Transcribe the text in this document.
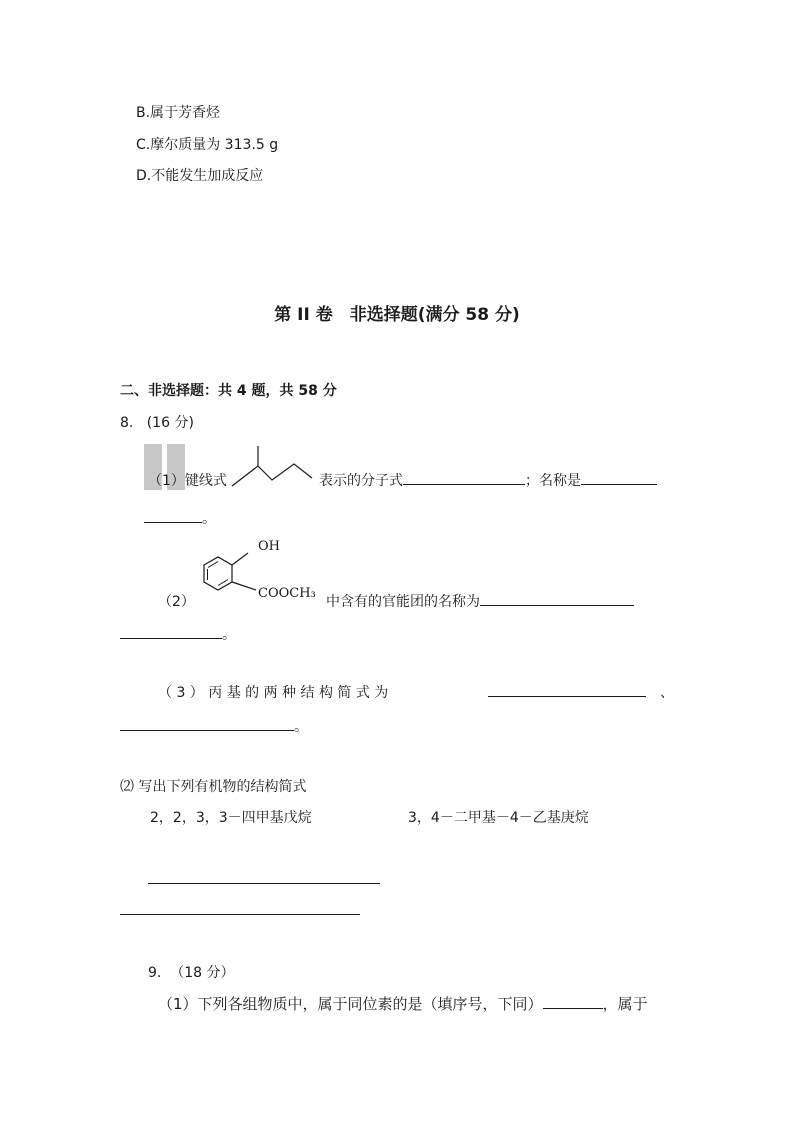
B.属于芳香烃
C.摩尔质量为 313.5 g
D.不能发生加成反应
第 II 卷　非选择题(满分 58 分)
二、非选择题：共 4 题，共 58 分
8. (16 分)
（1）键线式	表示的分子式	；名称是
。
（2）
OH
COOCH₃
中含有的官能团的名称为
。
（ 3 ） 丙 基 的 两 种 结 构 简 式 为	、
。
⑵ 写出下列有机物的结构简式
2，2，3，3－四甲基戊烷	3，4－二甲基－4－乙基庚烷
9. （18 分）
（1）下列各组物质中，属于同位素的是（填序号，下同）	，属于
